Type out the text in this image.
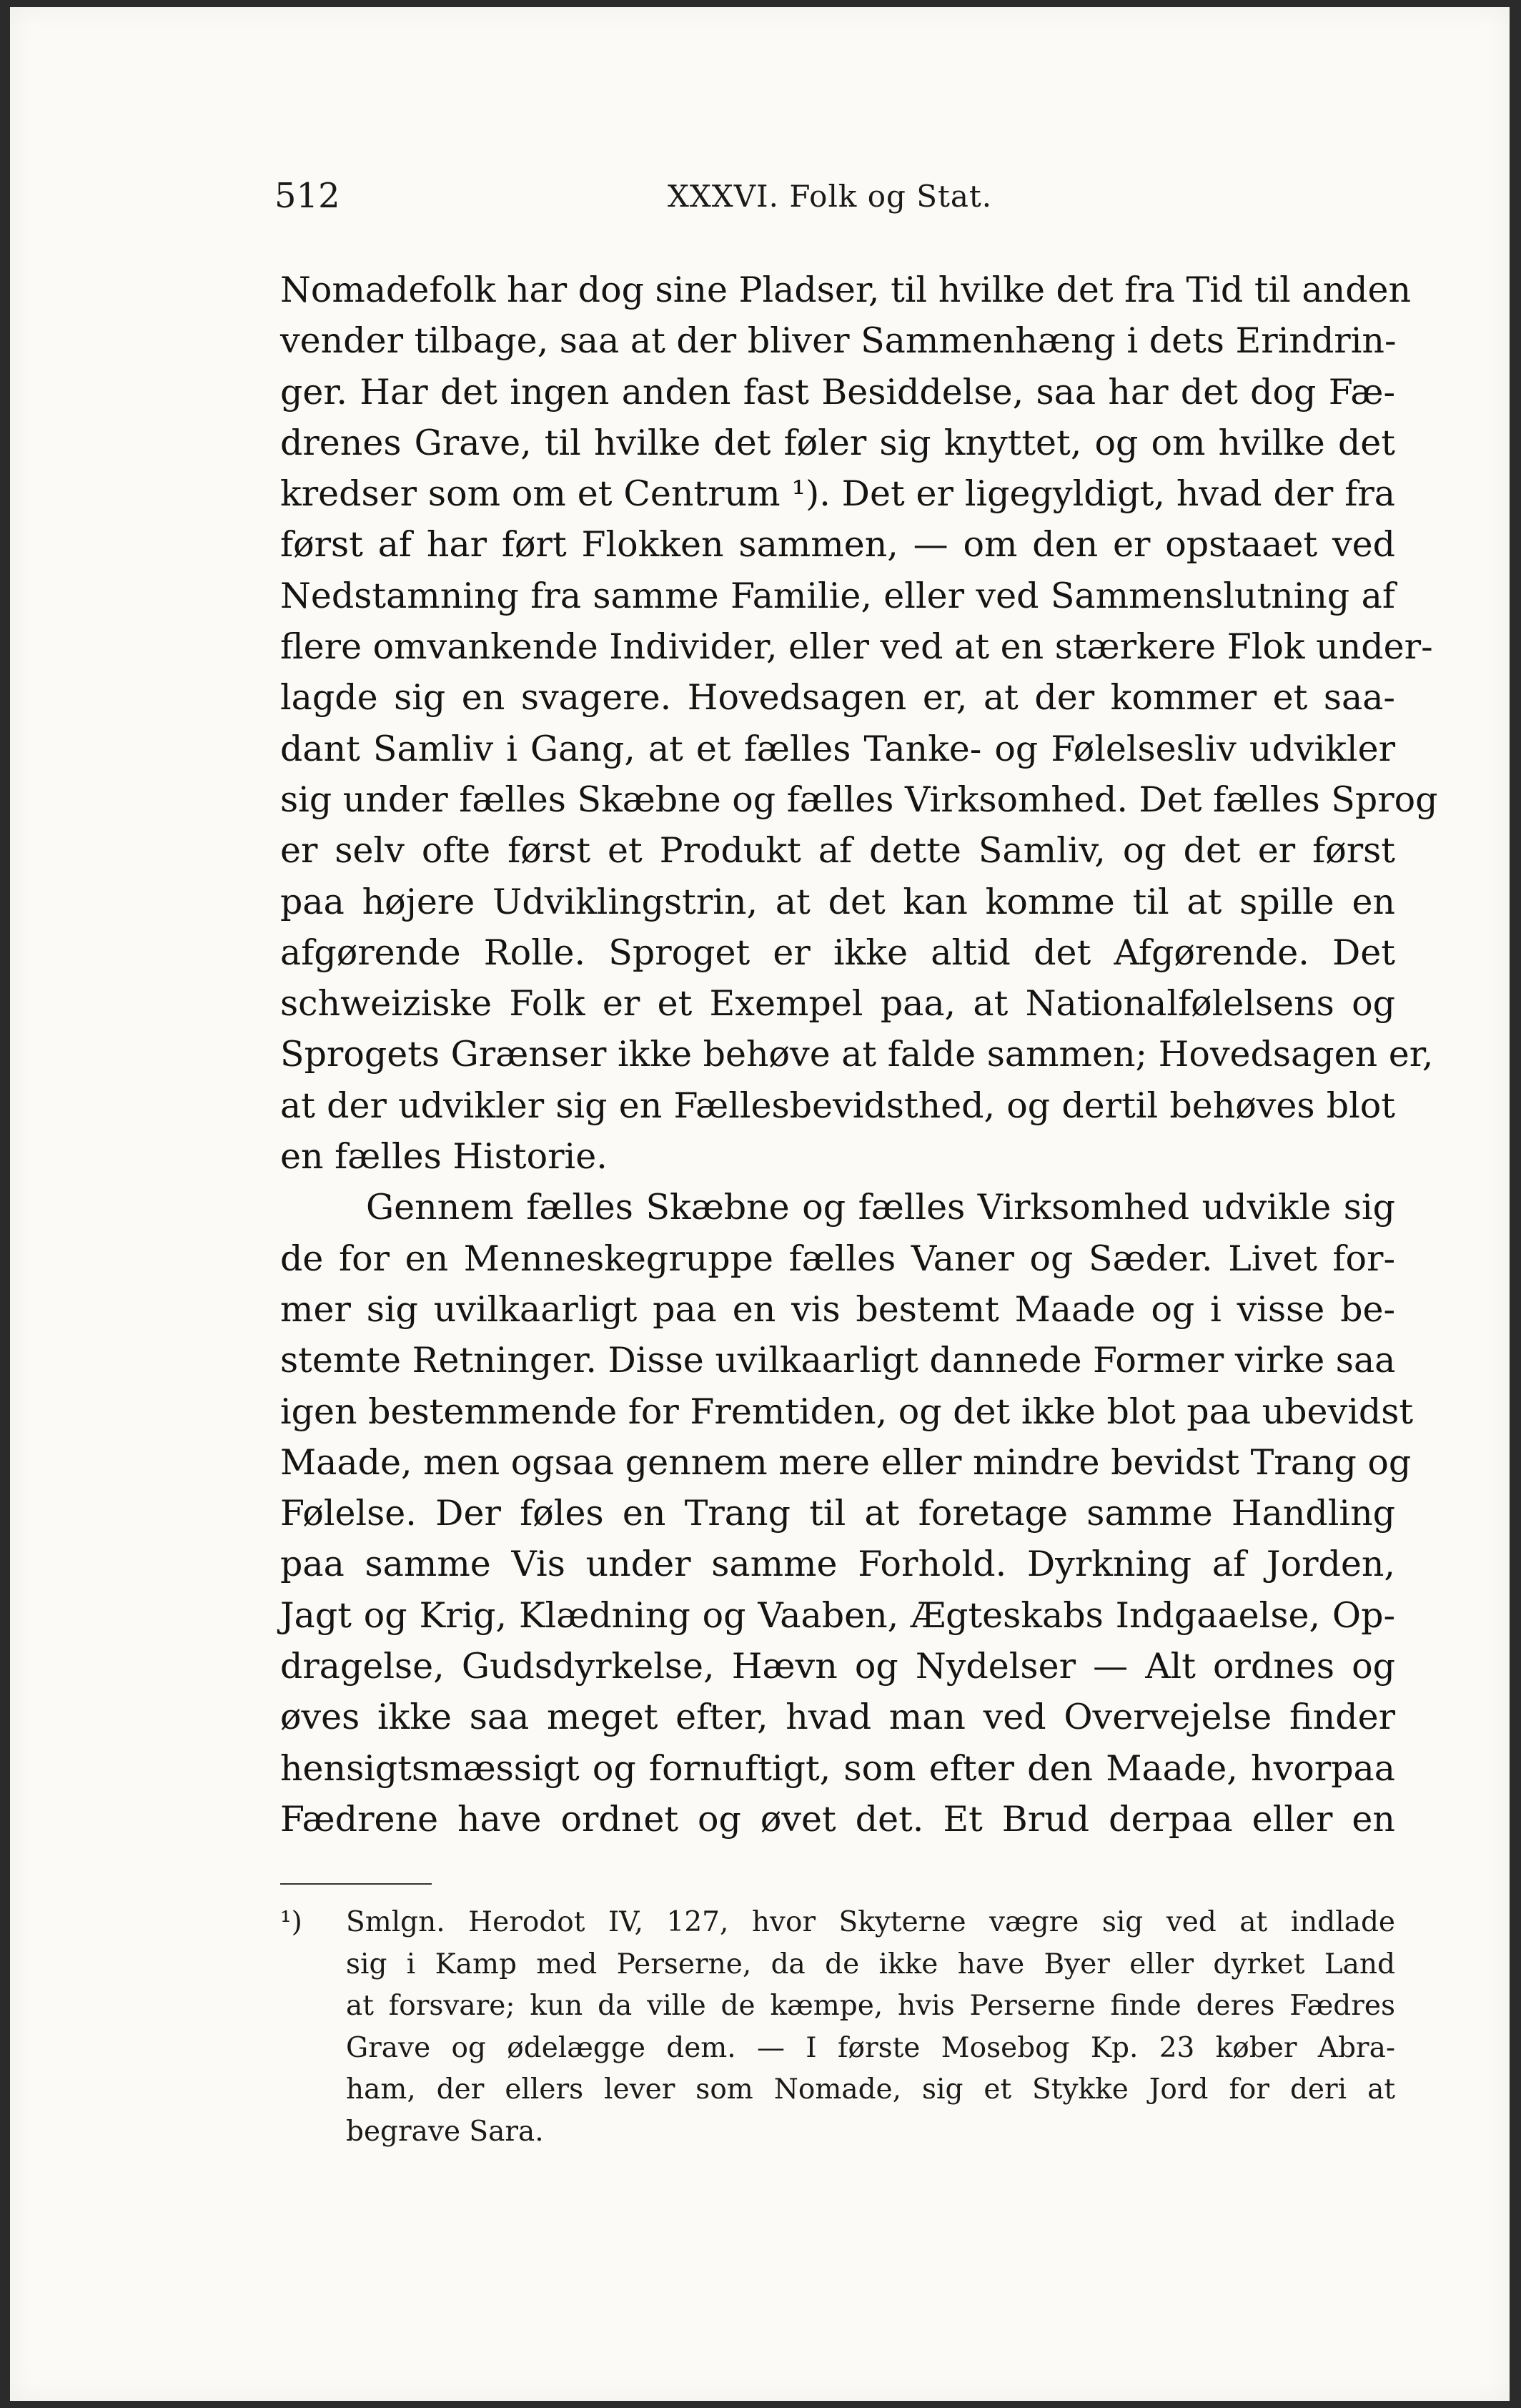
512	XXXVI. Folk og Stat.
Nomadefolk har dog sine Pladser, til hvilke det fra Tid til anden
vender tilbage, saa at der bliver Sammenhæng i dets Erindrin-
ger. Har det ingen anden fast Besiddelse, saa har det dog Fæ-
drenes Grave, til hvilke det føler sig knyttet, og om hvilke det
kredser som om et Centrum ¹). Det er ligegyldigt, hvad der fra
først af har ført Flokken sammen, — om den er opstaaet ved
Nedstamning fra samme Familie, eller ved Sammenslutning af
flere omvankende Individer, eller ved at en stærkere Flok under-
lagde sig en svagere. Hovedsagen er, at der kommer et saa-
dant Samliv i Gang, at et fælles Tanke- og Følelsesliv udvikler
sig under fælles Skæbne og fælles Virksomhed. Det fælles Sprog
er selv ofte først et Produkt af dette Samliv, og det er først
paa højere Udviklingstrin, at det kan komme til at spille en
afgørende Rolle. Sproget er ikke altid det Afgørende. Det
schweiziske Folk er et Exempel paa, at Nationalfølelsens og
Sprogets Grænser ikke behøve at falde sammen; Hovedsagen er,
at der udvikler sig en Fællesbevidsthed, og dertil behøves blot
en fælles Historie.
Gennem fælles Skæbne og fælles Virksomhed udvikle sig
de for en Menneskegruppe fælles Vaner og Sæder. Livet for-
mer sig uvilkaarligt paa en vis bestemt Maade og i visse be-
stemte Retninger. Disse uvilkaarligt dannede Former virke saa
igen bestemmende for Fremtiden, og det ikke blot paa ubevidst
Maade, men ogsaa gennem mere eller mindre bevidst Trang og
Følelse. Der føles en Trang til at foretage samme Handling
paa samme Vis under samme Forhold. Dyrkning af Jorden,
Jagt og Krig, Klædning og Vaaben, Ægteskabs Indgaaelse, Op-
dragelse, Gudsdyrkelse, Hævn og Nydelser — Alt ordnes og
øves ikke saa meget efter, hvad man ved Overvejelse finder
hensigtsmæssigt og fornuftigt, som efter den Maade, hvorpaa
Fædrene have ordnet og øvet det. Et Brud derpaa eller en
¹) Smlgn. Herodot IV, 127, hvor Skyterne vægre sig ved at indlade
sig i Kamp med Perserne, da de ikke have Byer eller dyrket Land
at forsvare; kun da ville de kæmpe, hvis Perserne finde deres Fædres
Grave og ødelægge dem. — I første Mosebog Kp. 23 køber Abra-
ham, der ellers lever som Nomade, sig et Stykke Jord for deri at
begrave Sara.
